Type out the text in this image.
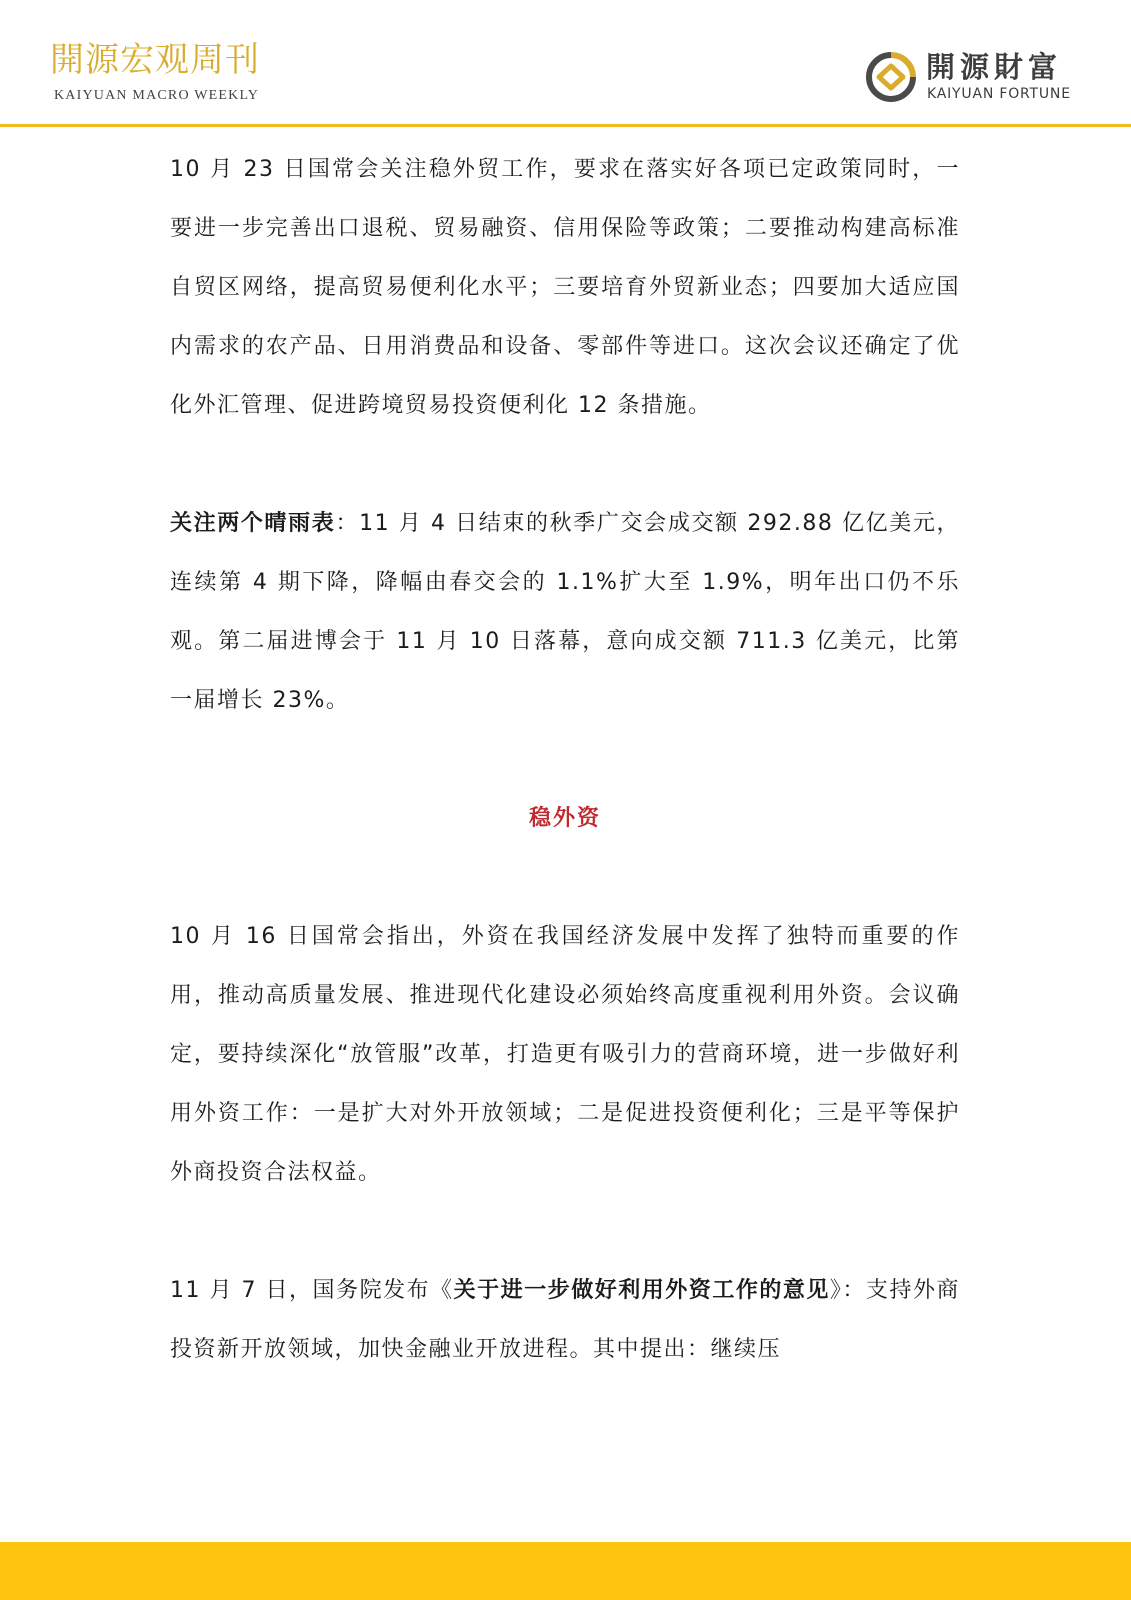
開源宏观周刊
KAIYUAN MACRO WEEKLY
開源財富
KAIYUAN FORTUNE

10 月 23 日国常会关注稳外贸工作，要求在落实好各项已定政策同时，一要进一步完善出口退税、贸易融资、信用保险等政策；二要推动构建高标准自贸区网络，提高贸易便利化水平；三要培育外贸新业态；四要加大适应国内需求的农产品、日用消费品和设备、零部件等进口。这次会议还确定了优化外汇管理、促进跨境贸易投资便利化 12 条措施。

关注两个晴雨表：11 月 4 日结束的秋季广交会成交额 292.88 亿亿美元，连续第 4 期下降，降幅由春交会的 1.1%扩大至 1.9%，明年出口仍不乐观。第二届进博会于 11 月 10 日落幕，意向成交额 711.3 亿美元，比第一届增长 23%。

稳外资

10 月 16 日国常会指出，外资在我国经济发展中发挥了独特而重要的作用，推动高质量发展、推进现代化建设必须始终高度重视利用外资。会议确定，要持续深化“放管服”改革，打造更有吸引力的营商环境，进一步做好利用外资工作：一是扩大对外开放领域；二是促进投资便利化；三是平等保护外商投资合法权益。

11 月 7 日，国务院发布《关于进一步做好利用外资工作的意见》：支持外商投资新开放领域，加快金融业开放进程。其中提出：继续压
